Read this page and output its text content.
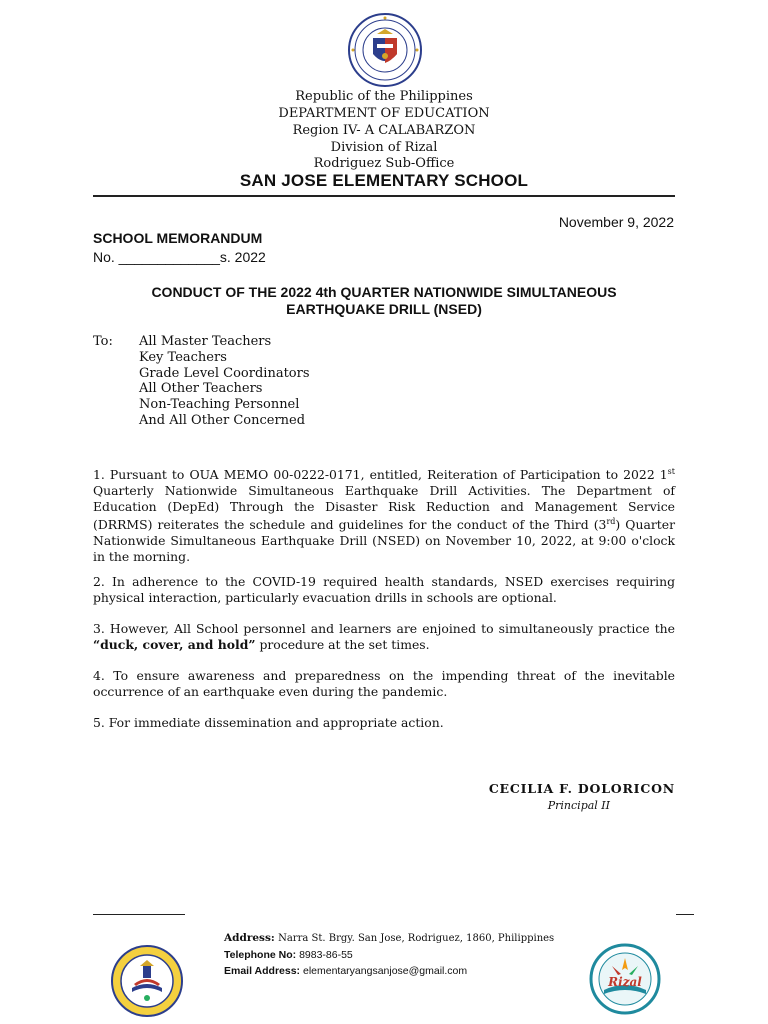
Republic of the Philippines
DEPARTMENT OF EDUCATION
Region IV- A CALABARZON
Division of Rizal
Rodriguez Sub-Office
SAN JOSE ELEMENTARY SCHOOL
November 9, 2022
SCHOOL MEMORANDUM
No. _____________s. 2022
CONDUCT OF THE 2022 4th QUARTER NATIONWIDE SIMULTANEOUS
EARTHQUAKE DRILL (NSED)
To: All Master Teachers
Key Teachers
Grade Level Coordinators
All Other Teachers
Non-Teaching Personnel
And All Other Concerned
1. Pursuant to OUA MEMO 00-0222-0171, entitled, Reiteration of Participation to 2022 1st Quarterly Nationwide Simultaneous Earthquake Drill Activities. The Department of Education (DepEd) Through the Disaster Risk Reduction and Management Service (DRRMS) reiterates the schedule and guidelines for the conduct of the Third (3rd) Quarter Nationwide Simultaneous Earthquake Drill (NSED) on November 10, 2022, at 9:00 o'clock in the morning.
2. In adherence to the COVID-19 required health standards, NSED exercises requiring physical interaction, particularly evacuation drills in schools are optional.
3. However, All School personnel and learners are enjoined to simultaneously practice the “duck, cover, and hold” procedure at the set times.
4. To ensure awareness and preparedness on the impending threat of the inevitable occurrence of an earthquake even during the pandemic.
5. For immediate dissemination and appropriate action.
CECILIA F. DOLORICON
Principal II
Address: Narra St. Brgy. San Jose, Rodriguez, 1860, Philippines
Telephone No: 8983-86-55
Email Address: elementaryangsanjose@gmail.com
Rizal
